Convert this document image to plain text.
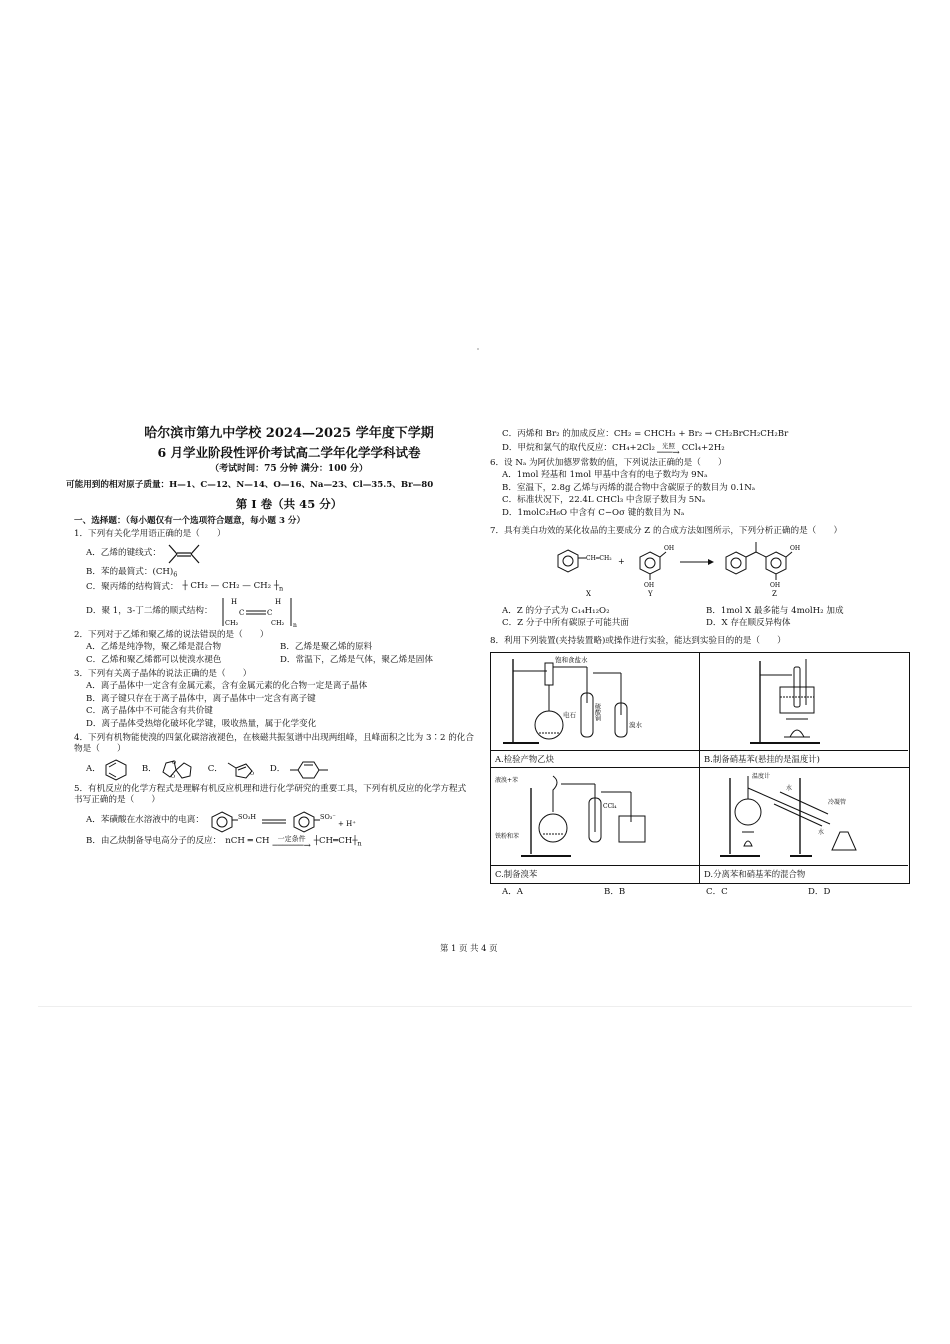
哈尔滨市第九中学校 2024—2025 学年度下学期
6 月学业阶段性评价考试高二学年化学学科试卷
（考试时间：75 分钟 满分：100 分）
可能用到的相对原子质量：H—1、C—12、N—14、O—16、Na—23、Cl—35.5、Br—80
第 I 卷（共 45 分）
一、选择题：（每小题仅有一个选项符合题意，每小题 3 分）
1．下列有关化学用语正确的是（　　）
A．乙烯的键线式：
B．苯的最简式： $(CH)_6$
C．聚丙烯的结构简式： ┼ CH₂ — CH₂ — CH₂ $┼_n$
D．聚 1，3-丁二烯的顺式结构：
H	H
C	C
CH₂	CH₂ n
2．下列对于乙烯和聚乙烯的说法错误的是（　　）
A．乙烯是纯净物，聚乙烯是混合物	B．乙烯是聚乙烯的原料
C．乙烯和聚乙烯都可以使溴水褪色	D．常温下，乙烯是气体，聚乙烯是固体
3．下列有关离子晶体的说法正确的是（　　）
A．离子晶体中一定含有金属元素，含有金属元素的化合物一定是离子晶体
B．离子键只存在于离子晶体中，离子晶体中一定含有离子键
C．离子晶体中不可能含有共价键
D．离子晶体受热熔化破坏化学键，吸收热量，属于化学变化
4．下列有机物能使溴的四氯化碳溶液褪色，在核磁共振氢谱中出现两组峰，且峰面积之比为 3∶2 的化合物是（　　）
A．	B．
O
O
C．	O D．
5．有机反应的化学方程式是理解有机反应机理和进行化学研究的重要工具，下列有机反应的化学方程式书写正确的是（　　）
A．苯磺酸在水溶液中的电离：	SO₃H	SO₃⁻
+ H⁺
B．由乙炔制备导电高分子的反应： nCH ═ CH 一定条件
──────→
$┼CH═CH┼_n$
C．丙烯和 Br₂ 的加成反应：CH₂ = CHCH₃ + Br₂ → CH₂BrCH₂CH₂Br
D．甲烷和氯气的取代反应：CH₄+2Cl₂ 光照
───→ CCl₄+2H₂
6．设 Nₐ 为阿伏加德罗常数的值，下列说法正确的是（　　）
A．1mol 羟基和 1mol 甲基中含有的电子数均为 9Nₐ
B．室温下，2.8g 乙烯与丙烯的混合物中含碳原子的数目为 0.1Nₐ
C．标准状况下，22.4L CHCl₃ 中含原子数目为 5Nₐ
D．1molC₂H₆O 中含有 C−Oσ 键的数目为 Nₐ
7．具有美白功效的某化妆品的主要成分 Z 的合成方法如图所示，下列分析正确的是（　　）
CH═CH₂
X
+
OH
OH
Y
OH
OH
Z
A．Z 的分子式为 C₁₄H₁₂O₂	B．1mol X 最多能与 4molH₂ 加成
C．Z 分子中所有碳原子可能共面	D．X 存在顺反异构体
8．利用下列装置(夹持装置略)或操作进行实验，能达到实验目的的是（　　）
饱和食盐水
电石	硫酸铜
溴水
A.检验产物乙炔	B.制备硝基苯(悬挂的是温度计)
液溴+苯
CCl₄
铁粉和苯
C.制备溴苯
温度计
水
冷凝管
水
D.分离苯和硝基苯的混合物
A．A	B．B	C．C	D．D
第 1 页 共 4 页
